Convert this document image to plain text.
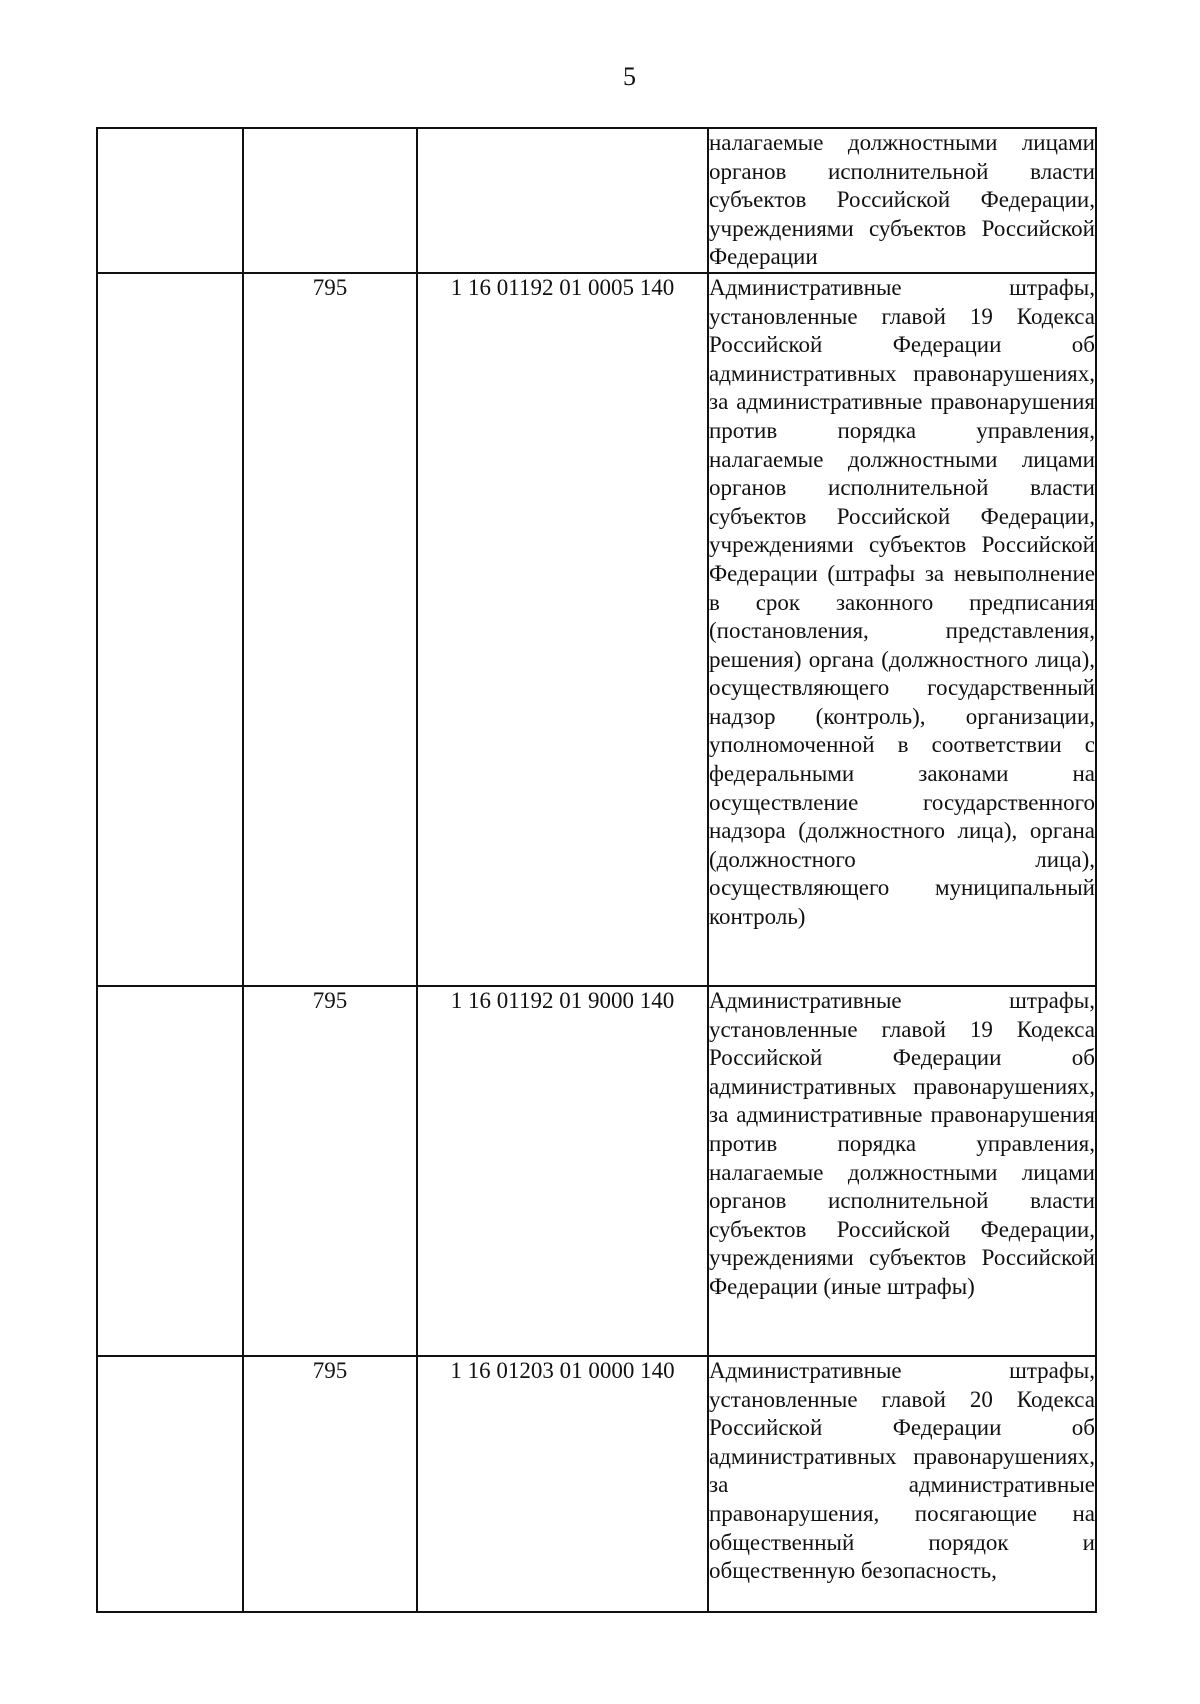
5

			налагаемые должностными лицами органов исполнительной власти субъектов Российской Федерации, учреждениями субъектов Российской Федерации

	795	1 16 01192 01 0005 140	Административные штрафы, установленные главой 19 Кодекса Российской Федерации об административных правонарушениях, за административные правонарушения против порядка управления, налагаемые должностными лицами органов исполнительной власти субъектов Российской Федерации, учреждениями субъектов Российской Федерации (штрафы за невыполнение в срок законного предписания (постановления, представления, решения) органа (должностного лица), осуществляющего государственный надзор (контроль), организации, уполномоченной в соответствии с федеральными законами на осуществление государственного надзора (должностного лица), органа (должностного лица), осуществляющего муниципальный контроль)

	795	1 16 01192 01 9000 140	Административные штрафы, установленные главой 19 Кодекса Российской Федерации об административных правонарушениях, за административные правонарушения против порядка управления, налагаемые должностными лицами органов исполнительной власти субъектов Российской Федерации, учреждениями субъектов Российской Федерации (иные штрафы)

	795	1 16 01203 01 0000 140	Административные штрафы, установленные главой 20 Кодекса Российской Федерации об административных правонарушениях, за административные правонарушения, посягающие на общественный порядок и общественную безопасность,
